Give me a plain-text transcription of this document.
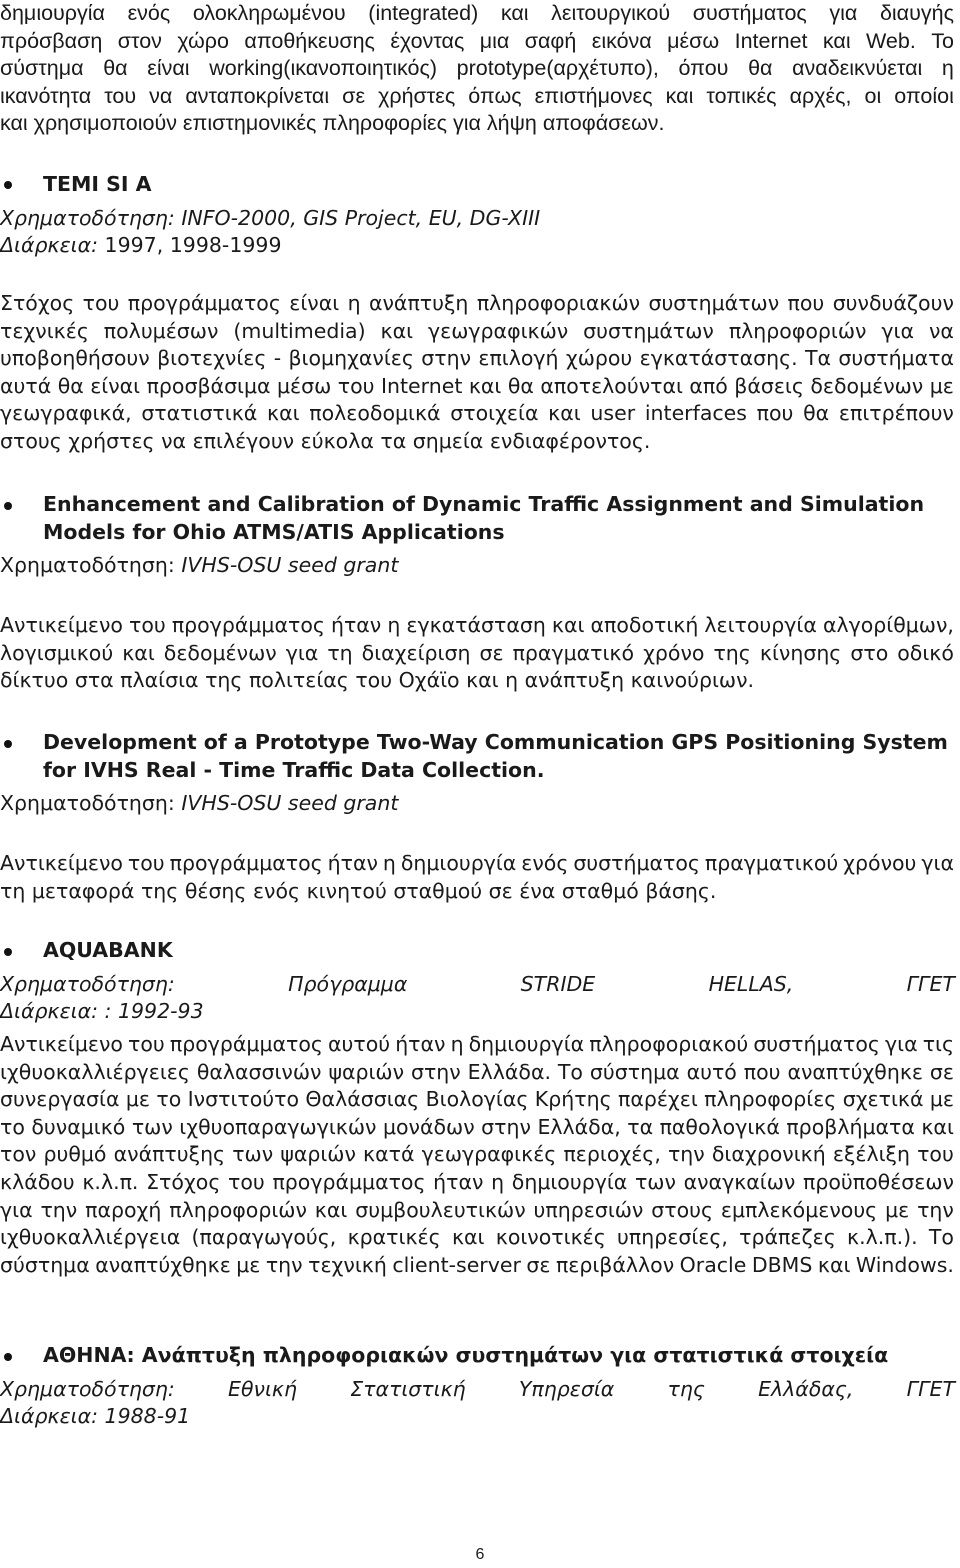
δημιουργία ενός ολοκληρωμένου (integrated) και λειτουργικού συστήματος για διαυγής
πρόσβαση στον χώρο αποθήκευσης έχοντας μια σαφή εικόνα μέσω Internet και Web. Το
σύστημα θα είναι working(ικανοποιητικός) prototype(αρχέτυπο), όπου θα αναδεικνύεται η
ικανότητα του να ανταποκρίνεται σε χρήστες όπως επιστήμονες και τοπικές αρχές, οι οποίοι
και χρησιμοποιούν επιστημονικές πληροφορίες για λήψη αποφάσεων.
TEMI SI A
Χρηματοδότηση: INFO-2000, GIS Project, EU, DG-XIII
Διάρκεια: 1997, 1998-1999
Στόχος του προγράμματος είναι η ανάπτυξη πληροφοριακών συστημάτων που συνδυάζουν
τεχνικές πολυμέσων (multimedia) και γεωγραφικών συστημάτων πληροφοριών για να
υποβοηθήσουν βιοτεχνίες - βιομηχανίες στην επιλογή χώρου εγκατάστασης. Τα συστήματα
αυτά θα είναι προσβάσιμα μέσω του Internet και θα αποτελούνται από βάσεις δεδομένων με
γεωγραφικά, στατιστικά και πολεοδομικά στοιχεία και user interfaces που θα επιτρέπουν
στους χρήστες να επιλέγουν εύκολα τα σημεία ενδιαφέροντος.
Enhancement and Calibration of Dynamic Traffic Assignment and Simulation
Models for Ohio ATMS/ATIS Applications
Χρηματοδότηση: IVHS-OSU seed grant
Αντικείμενο του προγράμματος ήταν η εγκατάσταση και αποδοτική λειτουργία αλγορίθμων,
λογισμικού και δεδομένων για τη διαχείριση σε πραγματικό χρόνο της κίνησης στο οδικό
δίκτυο στα πλαίσια της πολιτείας του Οχάϊο και η ανάπτυξη καινούριων.
Development of a Prototype Two-Way Communication GPS Positioning System
for IVHS Real - Time Traffic Data Collection.
Χρηματοδότηση: IVHS-OSU seed grant
Αντικείμενο του προγράμματος ήταν η δημιουργία ενός συστήματος πραγματικού χρόνου για
τη μεταφορά της θέσης ενός κινητού σταθμού σε ένα σταθμό βάσης.
AQUABANK
Χρηματοδότηση:	Πρόγραμμα	STRIDE	HELLAS,	ΓΓΕΤ
Διάρκεια: : 1992-93
Αντικείμενο του προγράμματος αυτού ήταν η δημιουργία πληροφοριακού συστήματος για τις
ιχθυοκαλλιέργειες θαλασσινών ψαριών στην Ελλάδα. Το σύστημα αυτό που αναπτύχθηκε σε
συνεργασία με το Ινστιτούτο Θαλάσσιας Βιολογίας Κρήτης παρέχει πληροφορίες σχετικά με
το δυναμικό των ιχθυοπαραγωγικών μονάδων στην Ελλάδα, τα παθολογικά προβλήματα και
τον ρυθμό ανάπτυξης των ψαριών κατά γεωγραφικές περιοχές, την διαχρονική εξέλιξη του
κλάδου κ.λ.π. Στόχος του προγράμματος ήταν η δημιουργία των αναγκαίων προϋποθέσεων
για την παροχή πληροφοριών και συμβουλευτικών υπηρεσιών στους εμπλεκόμενους με την
ιχθυοκαλλιέργεια (παραγωγούς, κρατικές και κοινοτικές υπηρεσίες, τράπεζες κ.λ.π.). Το
σύστημα αναπτύχθηκε με την τεχνική client-server σε περιβάλλον Oracle DBMS και Windows.
ΑΘΗΝΑ: Ανάπτυξη πληροφοριακών συστημάτων για στατιστικά στοιχεία
Χρηματοδότηση:	Εθνική	Στατιστική	Υπηρεσία	της	Ελλάδας,	ΓΓΕΤ
Διάρκεια: 1988-91
6
